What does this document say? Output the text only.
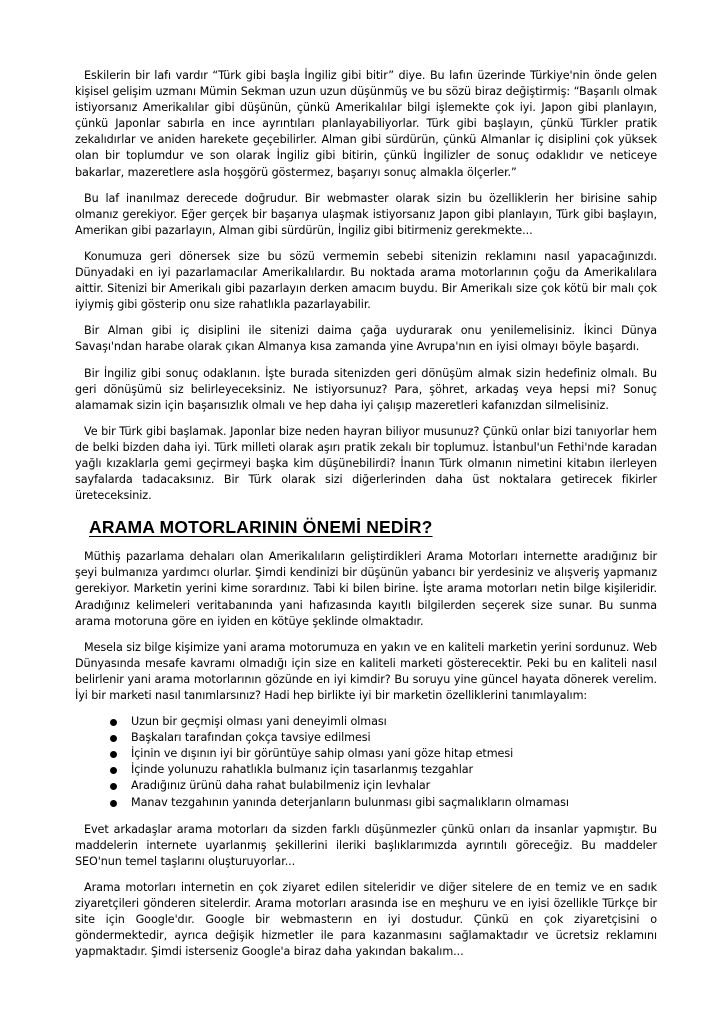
Eskilerin bir lafı vardır “Türk gibi başla İngiliz gibi bitir” diye. Bu lafın üzerinde Türkiye'nin önde gelen kişisel gelişim uzmanı Mümin Sekman uzun uzun düşünmüş ve bu sözü biraz değiştirmiş: “Başarılı olmak istiyorsanız Amerikalılar gibi düşünün, çünkü Amerikalılar bilgi işlemekte çok iyi. Japon gibi planlayın, çünkü Japonlar sabırla en ince ayrıntıları planlayabiliyorlar. Türk gibi başlayın, çünkü Türkler pratik zekalıdırlar ve aniden harekete geçebilirler. Alman gibi sürdürün, çünkü Almanlar iç disiplini çok yüksek olan bir toplumdur ve son olarak İngiliz gibi bitirin, çünkü İngilizler de sonuç odaklıdır ve neticeye bakarlar, mazeretlere asla hoşgörü göstermez, başarıyı sonuç almakla ölçerler.”

Bu laf inanılmaz derecede doğrudur. Bir webmaster olarak sizin bu özelliklerin her birisine sahip olmanız gerekiyor. Eğer gerçek bir başarıya ulaşmak istiyorsanız Japon gibi planlayın, Türk gibi başlayın, Amerikan gibi pazarlayın, Alman gibi sürdürün, İngiliz gibi bitirmeniz gerekmekte...

Konumuza geri dönersek size bu sözü vermemin sebebi sitenizin reklamını nasıl yapacağınızdı. Dünyadaki en iyi pazarlamacılar Amerikalılardır. Bu noktada arama motorlarının çoğu da Amerikalılara aittir. Sitenizi bir Amerikalı gibi pazarlayın derken amacım buydu. Bir Amerikalı size çok kötü bir malı çok iyiymiş gibi gösterip onu size rahatlıkla pazarlayabilir.

Bir Alman gibi iç disiplini ile sitenizi daima çağa uydurarak onu yenilemelisiniz. İkinci Dünya Savaşı'ndan harabe olarak çıkan Almanya kısa zamanda yine Avrupa'nın en iyisi olmayı böyle başardı.

Bir İngiliz gibi sonuç odaklanın. İşte burada sitenizden geri dönüşüm almak sizin hedefiniz olmalı. Bu geri dönüşümü siz belirleyeceksiniz. Ne istiyorsunuz? Para, şöhret, arkadaş veya hepsi mi? Sonuç alamamak sizin için başarısızlık olmalı ve hep daha iyi çalışıp mazeretleri kafanızdan silmelisiniz.

Ve bir Türk gibi başlamak. Japonlar bize neden hayran biliyor musunuz? Çünkü onlar bizi tanıyorlar hem de belki bizden daha iyi. Türk milleti olarak aşırı pratik zekalı bir toplumuz. İstanbul'un Fethi'nde karadan yağlı kızaklarla gemi geçirmeyi başka kim düşünebilirdi? İnanın Türk olmanın nimetini kitabın ilerleyen sayfalarda tadacaksınız. Bir Türk olarak sizi diğerlerinden daha üst noktalara getirecek fikirler üreteceksiniz.

ARAMA MOTORLARININ ÖNEMİ NEDİR?

Müthiş pazarlama dehaları olan Amerikalıların geliştirdikleri Arama Motorları internette aradığınız bir şeyi bulmanıza yardımcı olurlar. Şimdi kendinizi bir düşünün yabancı bir yerdesiniz ve alışveriş yapmanız gerekiyor. Marketin yerini kime sorardınız. Tabi ki bilen birine. İşte arama motorları netin bilge kişileridir. Aradığınız kelimeleri veritabanında yani hafızasında kayıtlı bilgilerden seçerek size sunar. Bu sunma arama motoruna göre en iyiden en kötüye şeklinde olmaktadır.

Mesela siz bilge kişimize yani arama motorumuza en yakın ve en kaliteli marketin yerini sordunuz. Web Dünyasında mesafe kavramı olmadığı için size en kaliteli marketi gösterecektir. Peki bu en kaliteli nasıl belirlenir yani arama motorlarının gözünde en iyi kimdir? Bu soruyu yine güncel hayata dönerek verelim. İyi bir marketi nasıl tanımlarsınız? Hadi hep birlikte iyi bir marketin özelliklerini tanımlayalım:

Uzun bir geçmişi olması yani deneyimli olması
Başkaları tarafından çokça tavsiye edilmesi
İçinin ve dışının iyi bir görüntüye sahip olması yani göze hitap etmesi
İçinde yolunuzu rahatlıkla bulmanız için tasarlanmış tezgahlar
Aradığınız ürünü daha rahat bulabilmeniz için levhalar
Manav tezgahının yanında deterjanların bulunması gibi saçmalıkların olmaması

Evet arkadaşlar arama motorları da sizden farklı düşünmezler çünkü onları da insanlar yapmıştır. Bu maddelerin internete uyarlanmış şekillerini ileriki başlıklarımızda ayrıntılı göreceğiz. Bu maddeler SEO'nun temel taşlarını oluşturuyorlar...

Arama motorları internetin en çok ziyaret edilen siteleridir ve diğer sitelere de en temiz ve en sadık ziyaretçileri gönderen sitelerdir. Arama motorları arasında ise en meşhuru ve en iyisi özellikle Türkçe bir site için Google'dır. Google bir webmasterın en iyi dostudur. Çünkü en çok ziyaretçisini o göndermektedir, ayrıca değişik hizmetler ile para kazanmasını sağlamaktadır ve ücretsiz reklamını yapmaktadır. Şimdi isterseniz Google'a biraz daha yakından bakalım...
